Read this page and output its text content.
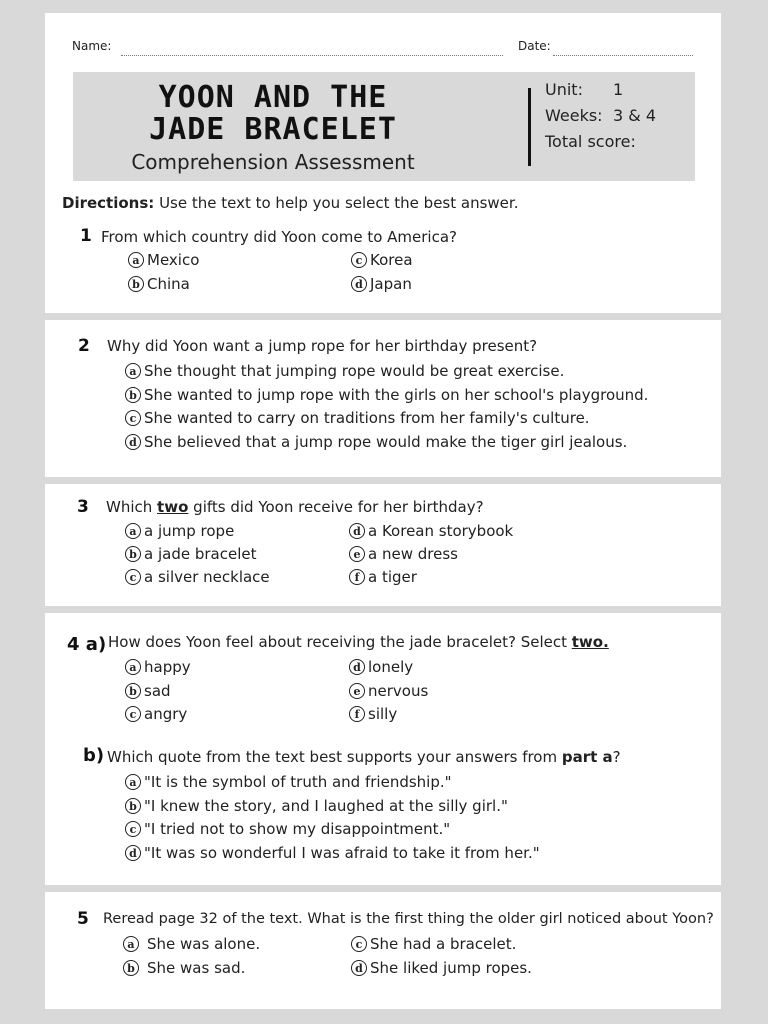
Name:	Date:
YOON AND THE
JADE BRACELET
Comprehension Assessment
Unit: 1
Weeks: 3 & 4
Total score:
Directions: Use the text to help you select the best answer.
1 From which country did Yoon come to America?
a Mexico
b China
c Korea
d Japan
2 Why did Yoon want a jump rope for her birthday present?
a She thought that jumping rope would be great exercise.
b She wanted to jump rope with the girls on her school's playground.
c She wanted to carry on traditions from her family's culture.
d She believed that a jump rope would make the tiger girl jealous.
3 Which two gifts did Yoon receive for her birthday?
a a jump rope
b a jade bracelet
c a silver necklace
d a Korean storybook
e a new dress
f a tiger
4 a) How does Yoon feel about receiving the jade bracelet? Select two.
a happy
b sad
c angry
d lonely
e nervous
f silly
b) Which quote from the text best supports your answers from part a?
a "It is the symbol of truth and friendship."
b "I knew the story, and I laughed at the silly girl."
c "I tried not to show my disappointment."
d "It was so wonderful I was afraid to take it from her."
5 Reread page 32 of the text. What is the first thing the older girl noticed about Yoon?
a She was alone.
b She was sad.
c She had a bracelet.
d She liked jump ropes.
